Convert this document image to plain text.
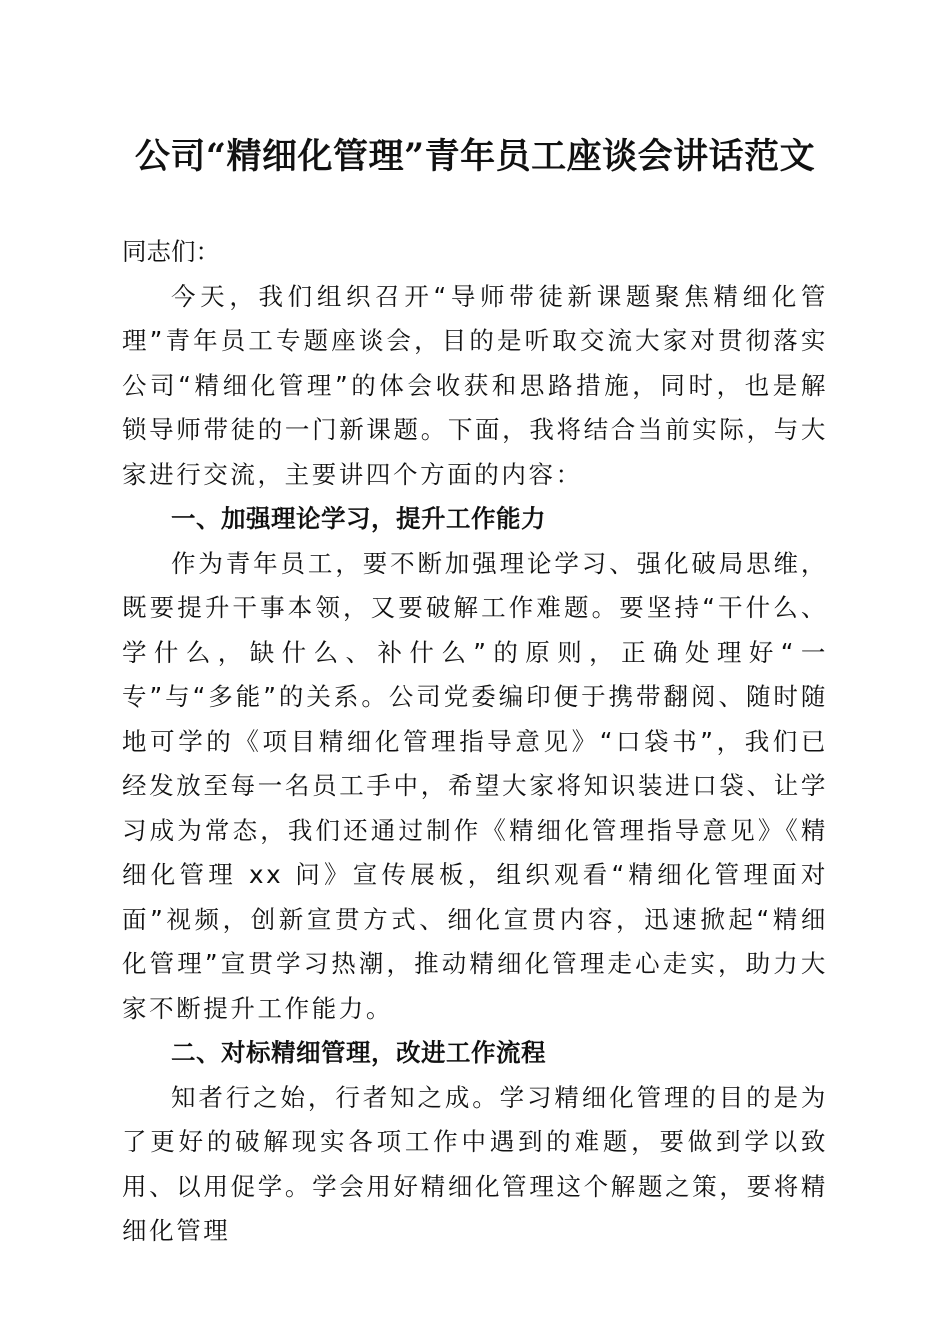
公司“精细化管理”青年员工座谈会讲话范文

同志们：

今天，我们组织召开“导师带徒新课题聚焦精细化管理”青年员工专题座谈会，目的是听取交流大家对贯彻落实公司“精细化管理”的体会收获和思路措施，同时，也是解锁导师带徒的一门新课题。下面，我将结合当前实际，与大家进行交流，主要讲四个方面的内容：

一、加强理论学习，提升工作能力

作为青年员工，要不断加强理论学习、强化破局思维，既要提升干事本领，又要破解工作难题。要坚持“干什么、学什么，缺什么、补什么”的原则，正确处理好“一专”与“多能”的关系。公司党委编印便于携带翻阅、随时随地可学的《项目精细化管理指导意见》“口袋书”，我们已经发放至每一名员工手中，希望大家将知识装进口袋、让学习成为常态，我们还通过制作《精细化管理指导意见》《精细化管理 xx 问》宣传展板，组织观看“精细化管理面对面”视频，创新宣贯方式、细化宣贯内容，迅速掀起“精细化管理”宣贯学习热潮，推动精细化管理走心走实，助力大家不断提升工作能力。

二、对标精细管理，改进工作流程

知者行之始，行者知之成。学习精细化管理的目的是为了更好的破解现实各项工作中遇到的难题，要做到学以致用、以用促学。学会用好精细化管理这个解题之策，要将精细化管理
